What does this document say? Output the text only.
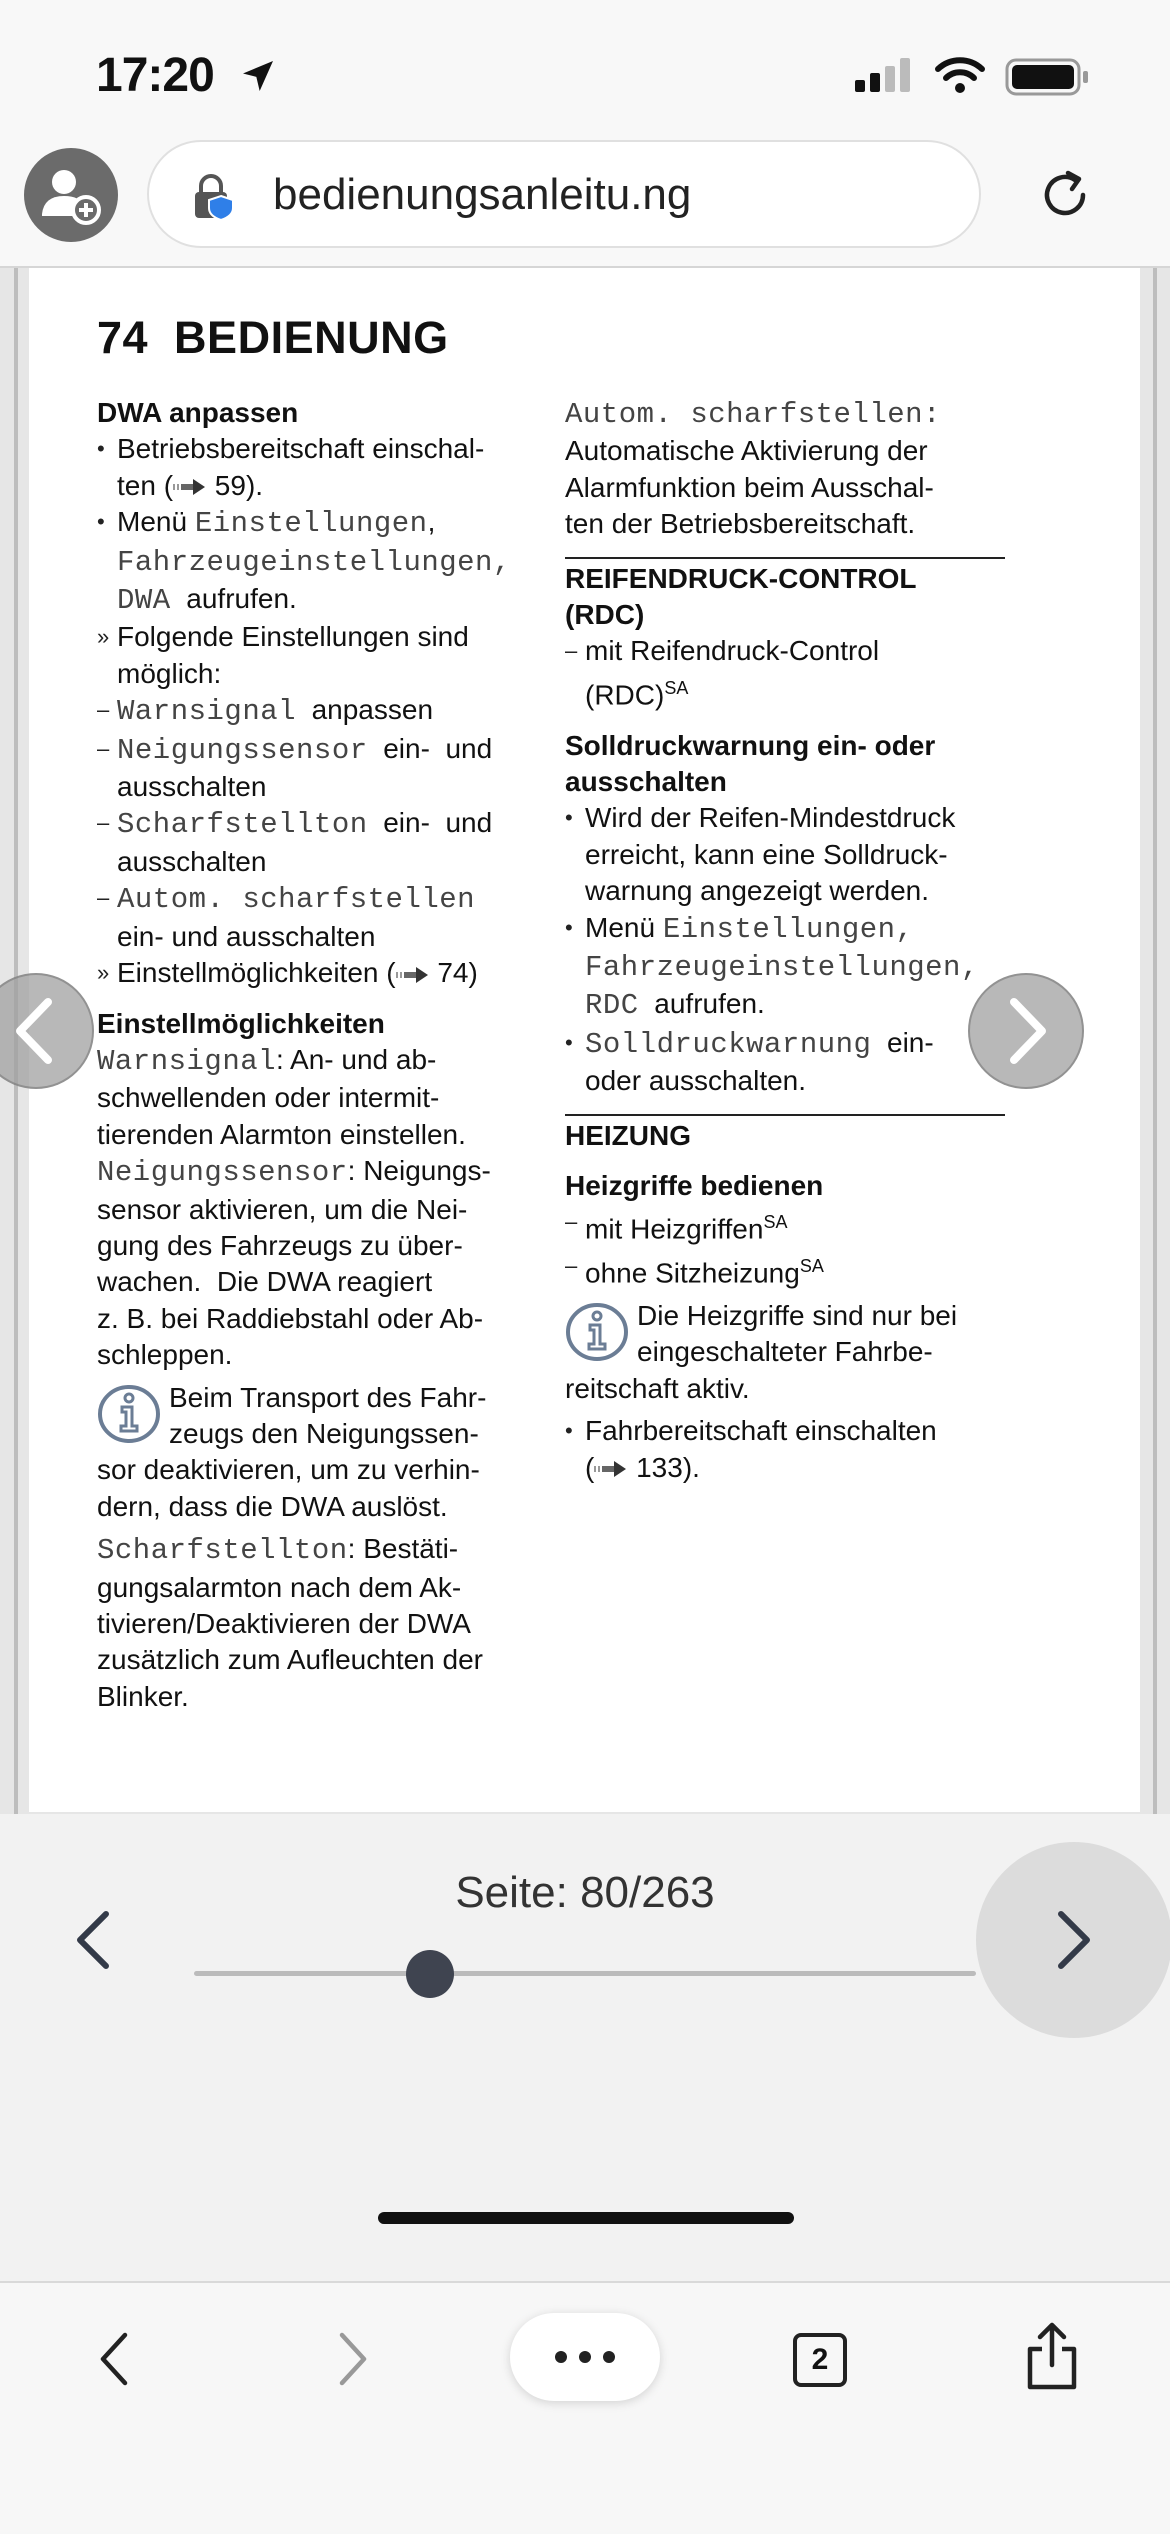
17:20
bedienungsanleitu.ng
74  BEDIENUNG
DWA anpassen
• Betriebsbereitschaft einschal-
ten ( 59).
• Menü Einstellungen,
Fahrzeugeinstellungen,
DWA  aufrufen.
» Folgende Einstellungen sind
möglich:
– Warnsignal  anpassen
– Neigungssensor  ein-  und
ausschalten
– Scharfstellton  ein-  und
ausschalten
– Autom. scharfstellen
ein- und ausschalten
» Einstellmöglichkeiten ( 74)
Einstellmöglichkeiten
Warnsignal: An- und ab-
schwellenden oder intermit-
tierenden Alarmton einstellen.
Neigungssensor: Neigungs-
sensor aktivieren, um die Nei-
gung des Fahrzeugs zu über-
wachen.  Die DWA reagiert
z. B. bei Raddiebstahl oder Ab-
schleppen.
Beim Transport des Fahr-
zeugs den Neigungssen-
sor deaktivieren, um zu verhin-
dern, dass die DWA auslöst.
Scharfstellton: Bestäti-
gungsalarmton nach dem Ak-
tivieren/Deaktivieren der DWA
zusätzlich zum Aufleuchten der
Blinker.
Autom. scharfstellen:
Automatische Aktivierung der
Alarmfunktion beim Ausschal-
ten der Betriebsbereitschaft.
REIFENDRUCK-CONTROL
(RDC)
– mit Reifendruck-Control
(RDC)$^{SA}$
Solldruckwarnung ein- oder
ausschalten
• Wird der Reifen-Mindestdruck
erreicht, kann eine Solldruck-
warnung angezeigt werden.
• Menü Einstellungen,
Fahrzeugeinstellungen,
RDC  aufrufen.
• Solldruckwarnung  ein-
oder ausschalten.
HEIZUNG
Heizgriffe bedienen
– mit Heizgriffen$^{SA}$
– ohne Sitzheizung$^{SA}$
Die Heizgriffe sind nur bei
eingeschalteter Fahrbe-
reitschaft aktiv.
• Fahrbereitschaft einschalten
( 133).
Seite: 80/263
2
